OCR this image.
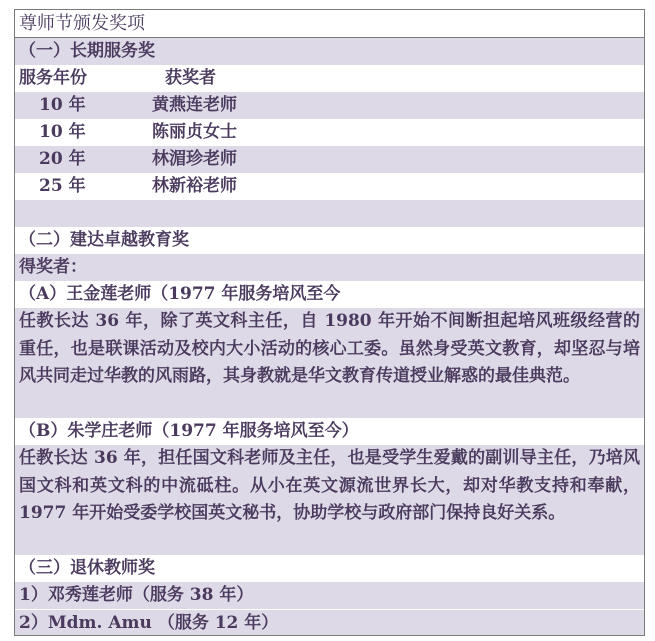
尊师节颁发奖项
（一）长期服务奖
服务年份	获奖者
10 年	黄燕连老师
10 年	陈丽贞女士
20 年	林湄珍老师
25 年	林新裕老师
（二）建达卓越教育奖
得奖者：
（A）王金莲老师（1977 年服务培风至今
任教长达 36 年，除了英文科主任，自 1980 年开始不间断担起培风班级经营的重任，也是联课活动及校内大小活动的核心工委。虽然身受英文教育，却坚忍与培风共同走过华教的风雨路，其身教就是华文教育传道授业解惑的最佳典范。
（B）朱学庄老师（1977 年服务培风至今）
任教长达 36 年，担任国文科老师及主任，也是受学生爱戴的副训导主任，乃培风国文科和英文科的中流砥柱。从小在英文源流世界长大，却对华教支持和奉献，1977 年开始受委学校国英文秘书，协助学校与政府部门保持良好关系。
（三）退休教师奖
1）邓秀莲老师（服务 38 年）
2）Mdm. Amu （服务 12 年）
